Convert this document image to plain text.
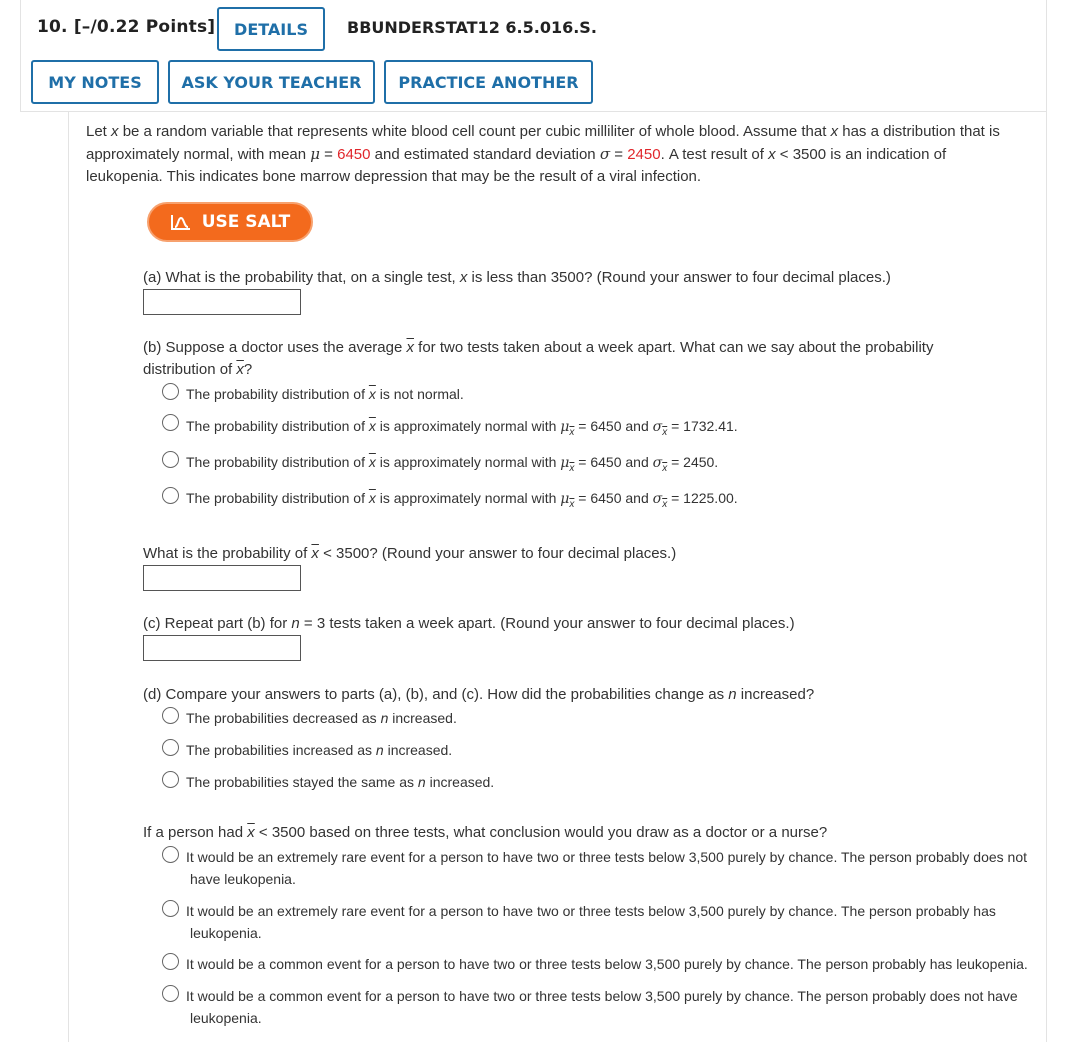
10. [–/0.22 Points]	DETAILS	BBUNDERSTAT12 6.5.016.S.
MY NOTES	ASK YOUR TEACHER	PRACTICE ANOTHER
Let x be a random variable that represents white blood cell count per cubic milliliter of whole blood. Assume that x has a distribution that is
approximately normal, with mean μ = 6450 and estimated standard deviation σ = 2450. A test result of x < 3500 is an indication of
leukopenia. This indicates bone marrow depression that may be the result of a viral infection.
USE SALT
(a) What is the probability that, on a single test, x is less than 3500? (Round your answer to four decimal places.)
(b) Suppose a doctor uses the average $\overline{x}$ for two tests taken about a week apart. What can we say about the probability
distribution of $\overline{x}$?
The probability distribution of $\overline{x}$ is not normal.
The probability distribution of $\overline{x}$ is approximately normal with $\mu_{\overline{x}} = 6450$ and $\sigma_{\overline{x}} = 1732.41$.
The probability distribution of $\overline{x}$ is approximately normal with $\mu_{\overline{x}} = 6450$ and $\sigma_{\overline{x}} = 2450$.
The probability distribution of $\overline{x}$ is approximately normal with $\mu_{\overline{x}} = 6450$ and $\sigma_{\overline{x}} = 1225.00$.
What is the probability of $\overline{x} < 3500$? (Round your answer to four decimal places.)
(c) Repeat part (b) for n = 3 tests taken a week apart. (Round your answer to four decimal places.)
(d) Compare your answers to parts (a), (b), and (c). How did the probabilities change as n increased?
The probabilities decreased as n increased.
The probabilities increased as n increased.
The probabilities stayed the same as n increased.
If a person had $\overline{x} < 3500$ based on three tests, what conclusion would you draw as a doctor or a nurse?
It would be an extremely rare event for a person to have two or three tests below 3,500 purely by chance. The person probably does not
have leukopenia.
It would be an extremely rare event for a person to have two or three tests below 3,500 purely by chance. The person probably has
leukopenia.
It would be a common event for a person to have two or three tests below 3,500 purely by chance. The person probably has leukopenia.
It would be a common event for a person to have two or three tests below 3,500 purely by chance. The person probably does not have
leukopenia.
